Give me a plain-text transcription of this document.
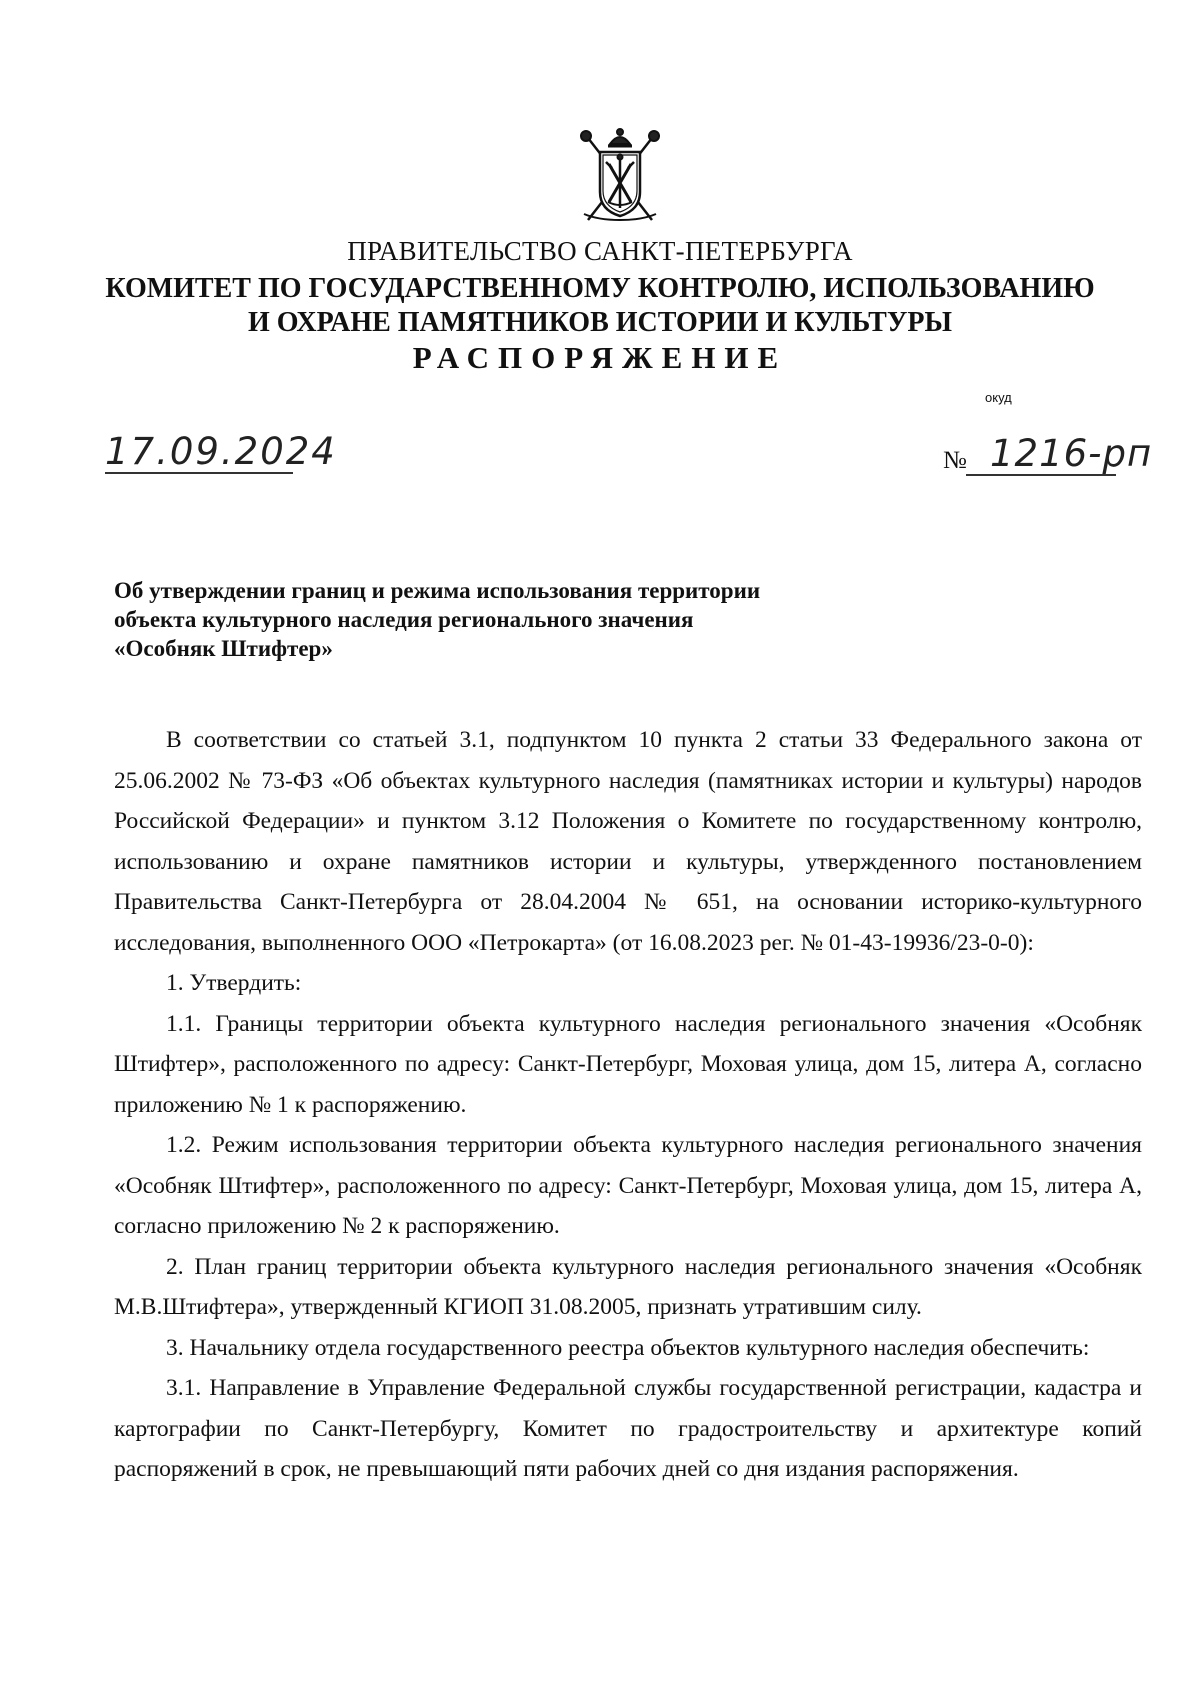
ПРАВИТЕЛЬСТВО САНКТ-ПЕТЕРБУРГА
КОМИТЕТ ПО ГОСУДАРСТВЕННОМУ КОНТРОЛЮ, ИСПОЛЬЗОВАНИЮ
И ОХРАНЕ ПАМЯТНИКОВ ИСТОРИИ И КУЛЬТУРЫ
РАСПОРЯЖЕНИЕ
окуд
17.09.2024	№ 1216-рп
Об утверждении границ и режима использования территории
объекта культурного наследия регионального значения
«Особняк Штифтер»

В соответствии со статьей 3.1, подпунктом 10 пункта 2 статьи 33 Федерального закона от 25.06.2002 № 73-ФЗ «Об объектах культурного наследия (памятниках истории и культуры) народов Российской Федерации» и пунктом 3.12 Положения о Комитете по государственному контролю, использованию и охране памятников истории и культуры, утвержденного постановлением Правительства Санкт-Петербурга от 28.04.2004 № 651, на основании историко-культурного исследования, выполненного ООО «Петрокарта» (от 16.08.2023 рег. № 01-43-19936/23-0-0):

1. Утвердить:

1.1. Границы территории объекта культурного наследия регионального значения «Особняк Штифтер», расположенного по адресу: Санкт-Петербург, Моховая улица, дом 15, литера А, согласно приложению № 1 к распоряжению.

1.2. Режим использования территории объекта культурного наследия регионального значения «Особняк Штифтер», расположенного по адресу: Санкт-Петербург, Моховая улица, дом 15, литера А, согласно приложению № 2 к распоряжению.

2. План границ территории объекта культурного наследия регионального значения «Особняк М.В.Штифтера», утвержденный КГИОП 31.08.2005, признать утратившим силу.

3. Начальнику отдела государственного реестра объектов культурного наследия обеспечить:

3.1. Направление в Управление Федеральной службы государственной регистрации, кадастра и картографии по Санкт-Петербургу, Комитет по градостроительству и архитектуре копий распоряжений в срок, не превышающий пяти рабочих дней со дня издания распоряжения.
